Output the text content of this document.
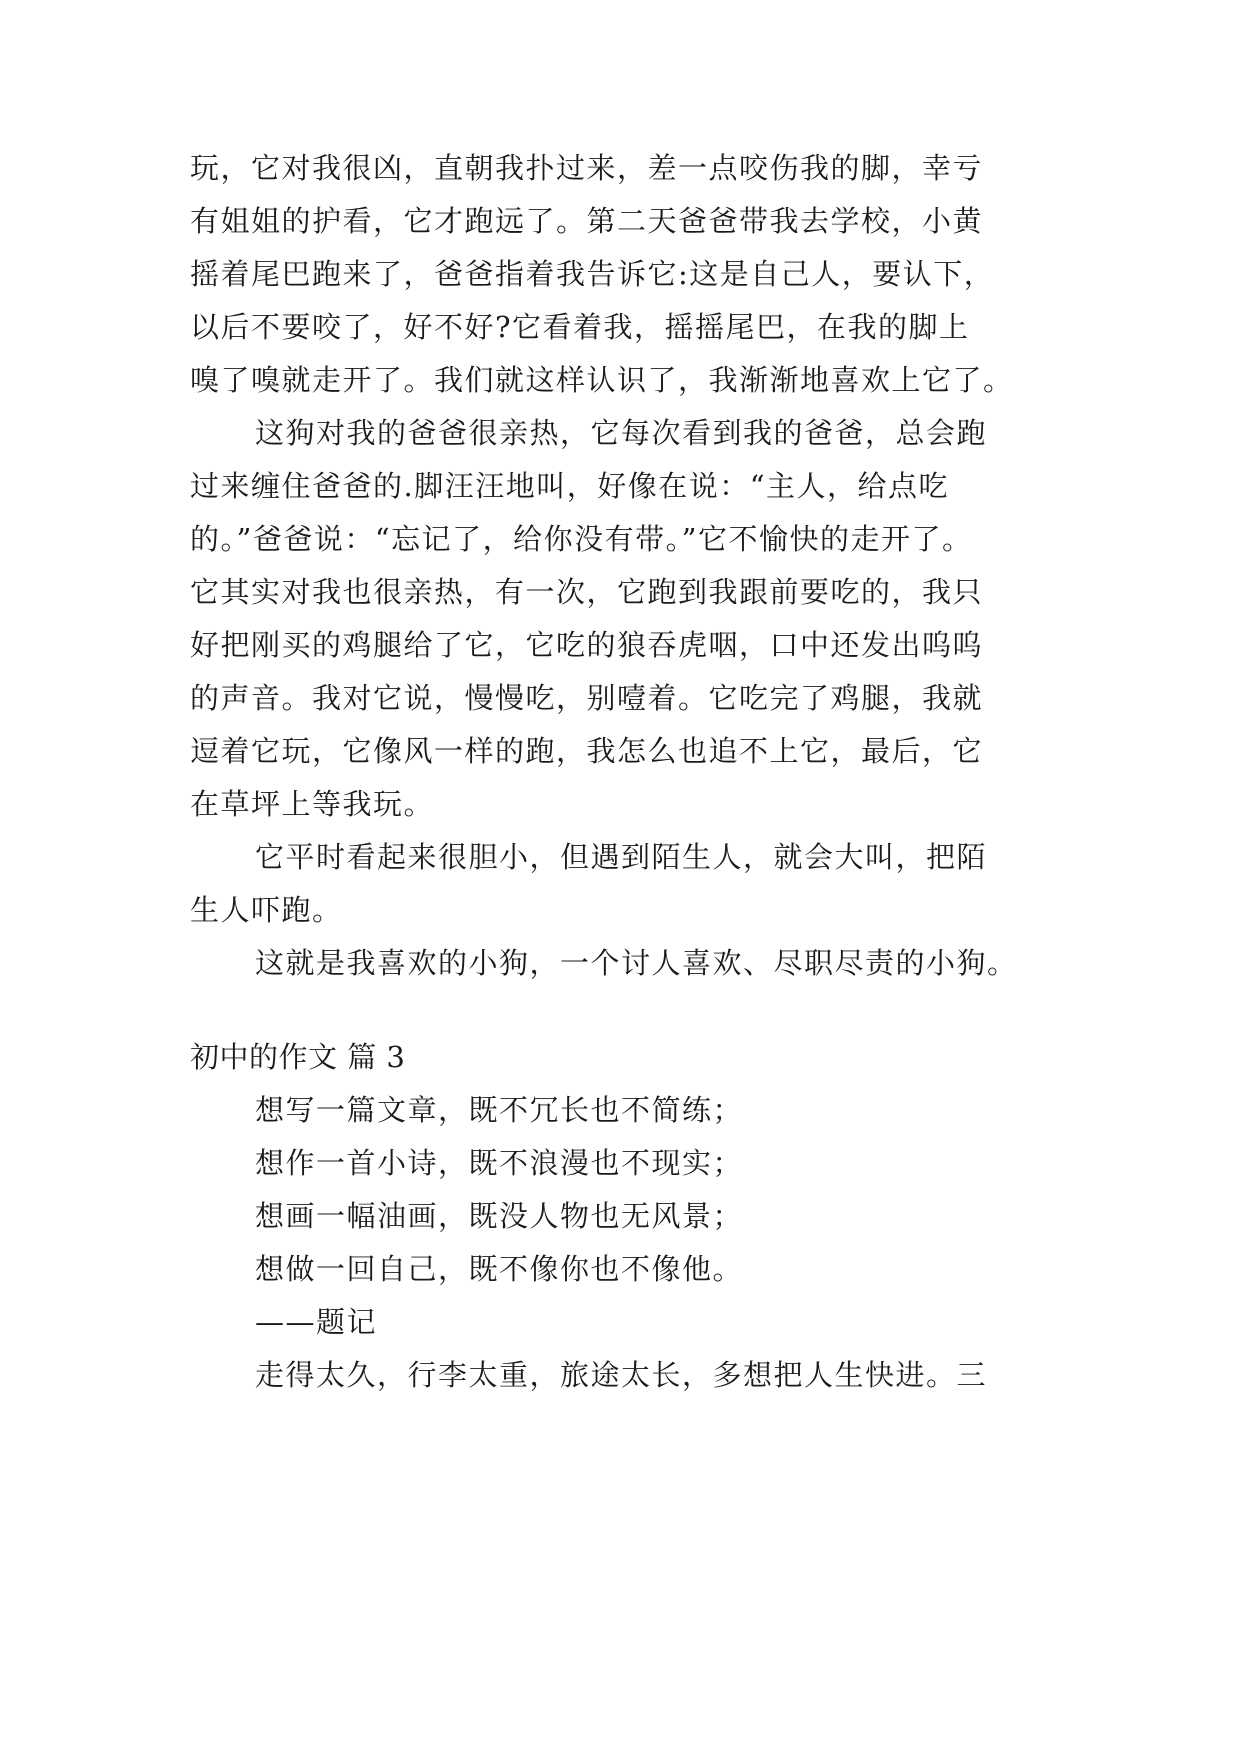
玩，它对我很凶，直朝我扑过来，差一点咬伤我的脚，幸亏
有姐姐的护看，它才跑远了。第二天爸爸带我去学校，小黄
摇着尾巴跑来了，爸爸指着我告诉它:这是自己人，要认下，
以后不要咬了，好不好?它看着我，摇摇尾巴，在我的脚上
嗅了嗅就走开了。我们就这样认识了，我渐渐地喜欢上它了。
这狗对我的爸爸很亲热，它每次看到我的爸爸，总会跑
过来缠住爸爸的.脚汪汪地叫，好像在说：“主人，给点吃
的。”爸爸说：“忘记了，给你没有带。”它不愉快的走开了。
它其实对我也很亲热，有一次，它跑到我跟前要吃的，我只
好把刚买的鸡腿给了它，它吃的狼吞虎咽，口中还发出呜呜
的声音。我对它说，慢慢吃，别噎着。它吃完了鸡腿，我就
逗着它玩，它像风一样的跑，我怎么也追不上它，最后，它
在草坪上等我玩。
它平时看起来很胆小，但遇到陌生人，就会大叫，把陌
生人吓跑。
这就是我喜欢的小狗，一个讨人喜欢、尽职尽责的小狗。
初中的作文 篇 3
想写一篇文章，既不冗长也不简练；
想作一首小诗，既不浪漫也不现实；
想画一幅油画，既没人物也无风景；
想做一回自己，既不像你也不像他。
——题记
走得太久，行李太重，旅途太长，多想把人生快进。三
